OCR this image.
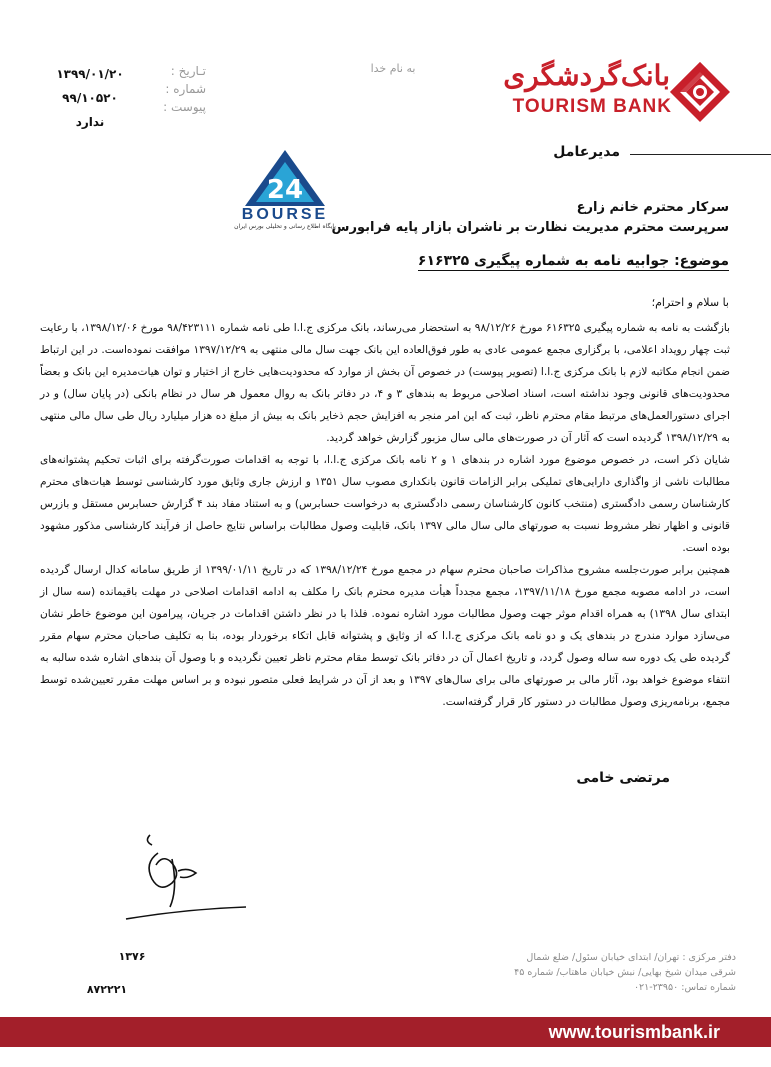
۱۳۹۹/۰۱/۲۰
۹۹/۱۰۵۲۰
ندارد
تـاریخ :
شماره :
پیوست :
به نام خدا	بانک‌گردشگری
TOURISM BANK
مدیرعامل
24
BOURSE
پایگاه اطلاع رسانی و تحلیلی بورس ایران
سرکار محترم خانم زارع
سرپرست محترم مدیریت نظارت بر ناشران بازار پایه فرابورس
موضوع: جوابیه نامه به شماره پیگیری ۶۱۶۳۲۵
با سلام و احترام؛

بازگشت به نامه به شماره پیگیری ۶۱۶۳۲۵ مورخ ۹۸/۱۲/۲۶ به استحضار می‌رساند، بانک مرکزی ج.ا.ا طی نامه شماره ۹۸/۴۲۳۱۱۱ مورخ ۱۳۹۸/۱۲/۰۶، با رعایت ثبت چهار رویداد اعلامی، با برگزاری مجمع عمومی عادی به طور فوق‌العاده این بانک جهت سال مالی منتهی به ۱۳۹۷/۱۲/۲۹ موافقت نموده‌است. در این ارتباط ضمن انجام مکاتبه لازم با بانک مرکزی ج.ا.ا (تصویر پیوست) در خصوص آن بخش از موارد که محدودیت‌هایی خارج از اختیار و توان هیات‌مدیره این بانک و بعضاً محدودیت‌های قانونی وجود نداشته است، اسناد اصلاحی مربوط به بندهای ۳ و ۴، در دفاتر بانک به روال معمول هر سال در نظام بانکی (در پایان سال) و در اجرای دستورالعمل‌های مرتبط مقام محترم ناظر، ثبت که این امر منجر به افزایش حجم ذخایر بانک به بیش از مبلغ ده هزار میلیارد ریال طی سال مالی منتهی به ۱۳۹۸/۱۲/۲۹ گردیده است که آثار آن در صورت‌های مالی سال مزبور گزارش خواهد گردید.

شایان ذکر است، در خصوص موضوع مورد اشاره در بندهای ۱ و ۲ نامه بانک مرکزی ج.ا.ا، با توجه به اقدامات صورت‌گرفته برای اثبات تحکیم پشتوانه‌های مطالبات ناشی از واگذاری دارایی‌های تملیکی برابر الزامات قانون بانکداری مصوب سال ۱۳۵۱ و ارزش جاری وثایق مورد کارشناسی توسط هیات‌های محترم کارشناسان رسمی دادگستری (منتخب کانون کارشناسان رسمی دادگستری به درخواست حسابرس) و به استناد مفاد بند ۴ گزارش حسابرس مستقل و بازرس قانونی و اظهار نظر مشروط نسبت به صورتهای مالی سال مالی ۱۳۹۷ بانک، قابلیت وصول مطالبات براساس نتایج حاصل از فرآیند کارشناسی مذکور مشهود بوده است.

همچنین برابر صورت‌جلسه مشروح مذاکرات صاحبان محترم سهام در مجمع مورخ ۱۳۹۸/۱۲/۲۴ که در تاریخ ۱۳۹۹/۰۱/۱۱ از طریق سامانه کدال ارسال گردیده است، در ادامه مصوبه مجمع مورخ ۱۳۹۷/۱۱/۱۸، مجمع مجدداً هیأت مدیره محترم بانک را مکلف به ادامه اقدامات اصلاحی در مهلت باقیمانده (سه سال از ابتدای سال ۱۳۹۸) به همراه اقدام موثر جهت وصول مطالبات مورد اشاره نموده. فلذا با در نظر داشتن اقدامات در جریان، پیرامون این موضوع خاطر نشان می‌سازد موارد مندرج در بندهای یک و دو نامه بانک مرکزی ج.ا.ا که از وثایق و پشتوانه قابل اتکاء برخوردار بوده، بنا به تکلیف صاحبان محترم سهام مقرر گردیده طی یک دوره سه ساله وصول گردد، و تاریخ اعمال آن در دفاتر بانک توسط مقام محترم ناظر تعیین نگردیده و با وصول آن بندهای اشاره شده سالبه به انتفاء موضوع خواهد بود، آثار مالی بر صورتهای مالی برای سال‌های ۱۳۹۷ و بعد از آن در شرایط فعلی متصور نبوده و بر اساس مهلت مقرر تعیین‌شده توسط مجمع، برنامه‌ریزی وصول مطالبات در دستور کار قرار گرفته‌است.

مرتضی خامی
۱۳۷۶
۸۷۲۲۲۱
دفتر مرکزی : تهران/ ابتدای خیابان سئول/ ضلع شمال
شرقی میدان شیخ بهایی/ نبش خیابان ماهتاب/ شماره ۴۵
شماره تماس: ۲۳۹۵۰-۰۲۱
www.tourismbank.ir
